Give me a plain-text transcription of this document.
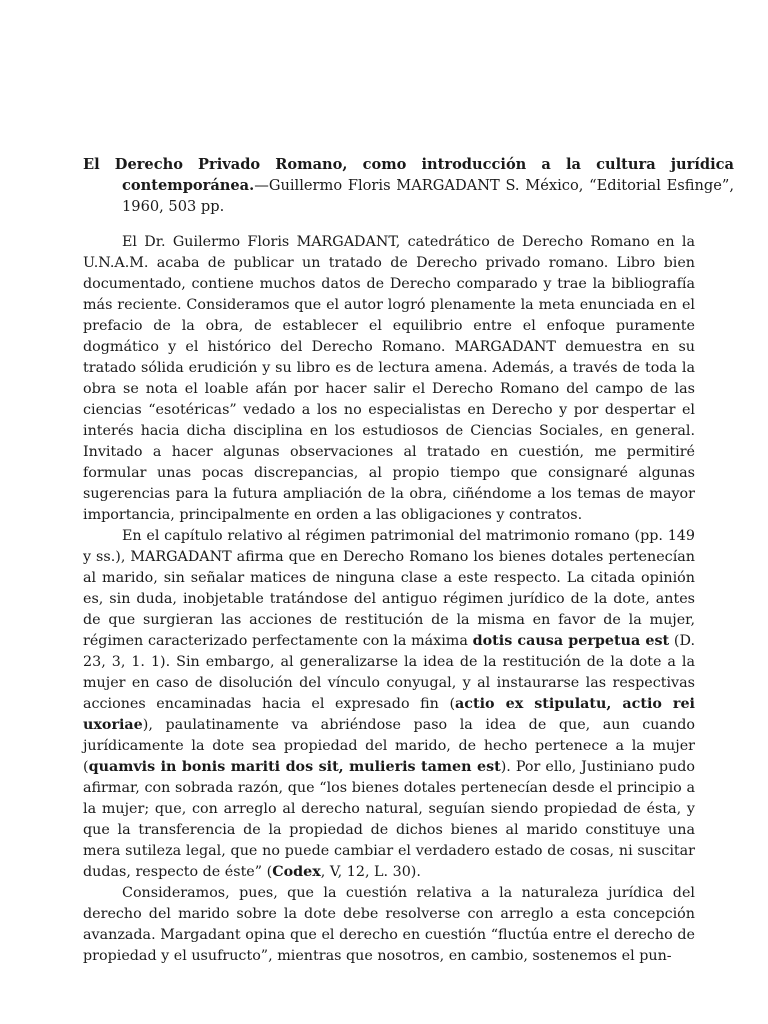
El Derecho Privado Romano, como introducción a la cultura jurídica contemporánea.—Guillermo Floris MARGADANT S. México, “Editorial Esfinge”, 1960, 503 pp.

El Dr. Guilermo Floris MARGADANT, catedrático de Derecho Romano en la U.N.A.M. acaba de publicar un tratado de Derecho privado romano. Libro bien documentado, contiene muchos datos de Derecho comparado y trae la bibliografía más reciente. Consideramos que el autor logró plenamente la meta enunciada en el prefacio de la obra, de establecer el equilibrio entre el enfoque puramente dogmático y el histórico del Derecho Romano. MARGADANT demuestra en su tratado sólida erudición y su libro es de lectura amena. Además, a través de toda la obra se nota el loable afán por hacer salir el Derecho Romano del campo de las ciencias “esotéricas” vedado a los no especialistas en Derecho y por despertar el interés hacia dicha disciplina en los estudiosos de Ciencias Sociales, en general. Invitado a hacer algunas observaciones al tratado en cuestión, me permitiré formular unas pocas discrepancias, al propio tiempo que consignaré algunas sugerencias para la futura ampliación de la obra, ciñéndome a los temas de mayor importancia, principalmente en orden a las obligaciones y contratos.

En el capítulo relativo al régimen patrimonial del matrimonio romano (pp. 149 y ss.), MARGADANT afirma que en Derecho Romano los bienes dotales pertenecían al marido, sin señalar matices de ninguna clase a este respecto. La citada opinión es, sin duda, inobjetable tratándose del antiguo régimen jurídico de la dote, antes de que surgieran las acciones de restitución de la misma en favor de la mujer, régimen caracterizado perfectamente con la máxima dotis causa perpetua est (D. 23, 3, 1. 1). Sin embargo, al generalizarse la idea de la restitución de la dote a la mujer en caso de disolución del vínculo conyugal, y al instaurarse las respectivas acciones encaminadas hacia el expresado fin (actio ex stipulatu, actio rei uxoriae), paulatinamente va abriéndose paso la idea de que, aun cuando jurídicamente la dote sea propiedad del marido, de hecho pertenece a la mujer (quamvis in bonis mariti dos sit, mulieris tamen est). Por ello, Justiniano pudo afirmar, con sobrada razón, que “los bienes dotales pertenecían desde el principio a la mujer; que, con arreglo al derecho natural, seguían siendo propiedad de ésta, y que la transferencia de la propiedad de dichos bienes al marido constituye una mera sutileza legal, que no puede cambiar el verdadero estado de cosas, ni suscitar dudas, respecto de éste” (Codex, V, 12, L. 30).

Consideramos, pues, que la cuestión relativa a la naturaleza jurídica del derecho del marido sobre la dote debe resolverse con arreglo a esta concepción avanzada. Margadant opina que el derecho en cuestión “fluctúa entre el derecho de propiedad y el usufructo”, mientras que nosotros, en cambio, sostenemos el pun-
